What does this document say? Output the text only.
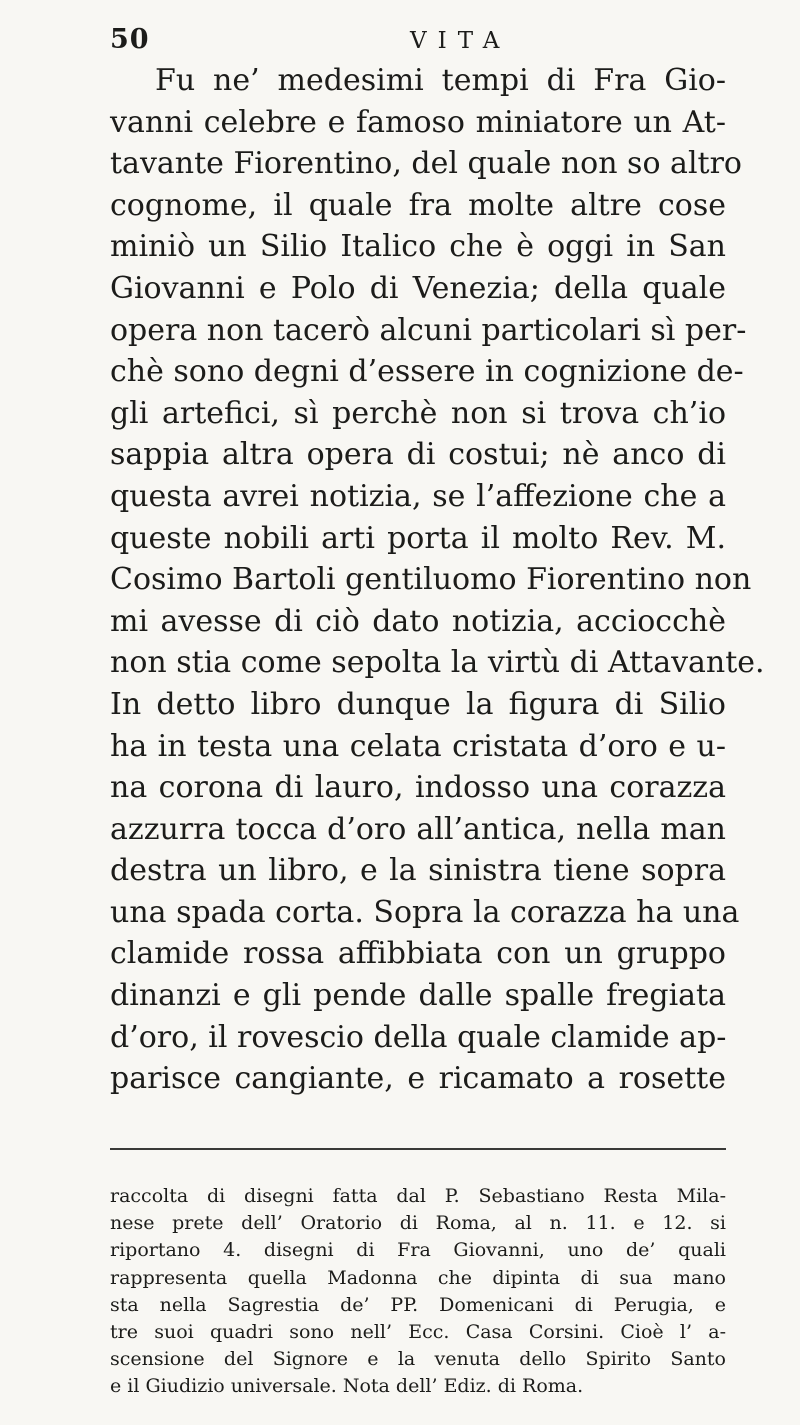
50	VITA
Fu ne’ medesimi tempi di Fra Gio-
vanni celebre e famoso miniatore un At-
tavante Fiorentino, del quale non so altro
cognome, il quale fra molte altre cose
miniò un Silio Italico che è oggi in San
Giovanni e Polo di Venezia; della quale
opera non tacerò alcuni particolari sì per-
chè sono degni d’essere in cognizione de-
gli artefici, sì perchè non si trova ch’io
sappia altra opera di costui; nè anco di
questa avrei notizia, se l’affezione che a
queste nobili arti porta il molto Rev. M.
Cosimo Bartoli gentiluomo Fiorentino non
mi avesse di ciò dato notizia, acciocchè
non stia come sepolta la virtù di Attavante.
In detto libro dunque la figura di Silio
ha in testa una celata cristata d’oro e u-
na corona di lauro, indosso una corazza
azzurra tocca d’oro all’antica, nella man
destra un libro, e la sinistra tiene sopra
una spada corta. Sopra la corazza ha una
clamide rossa affibbiata con un gruppo
dinanzi e gli pende dalle spalle fregiata
d’oro, il rovescio della quale clamide ap-
parisce cangiante, e ricamato a rosette
raccolta di disegni fatta dal P. Sebastiano Resta Mila-
nese prete dell’ Oratorio di Roma, al n. 11. e 12. si
riportano 4. disegni di Fra Giovanni, uno de’ quali
rappresenta quella Madonna che dipinta di sua mano
sta nella Sagrestia de’ PP. Domenicani di Perugia, e
tre suoi quadri sono nell’ Ecc. Casa Corsini. Cioè l’ a-
scensione del Signore e la venuta dello Spirito Santo
e il Giudizio universale. Nota dell’ Ediz. di Roma.
